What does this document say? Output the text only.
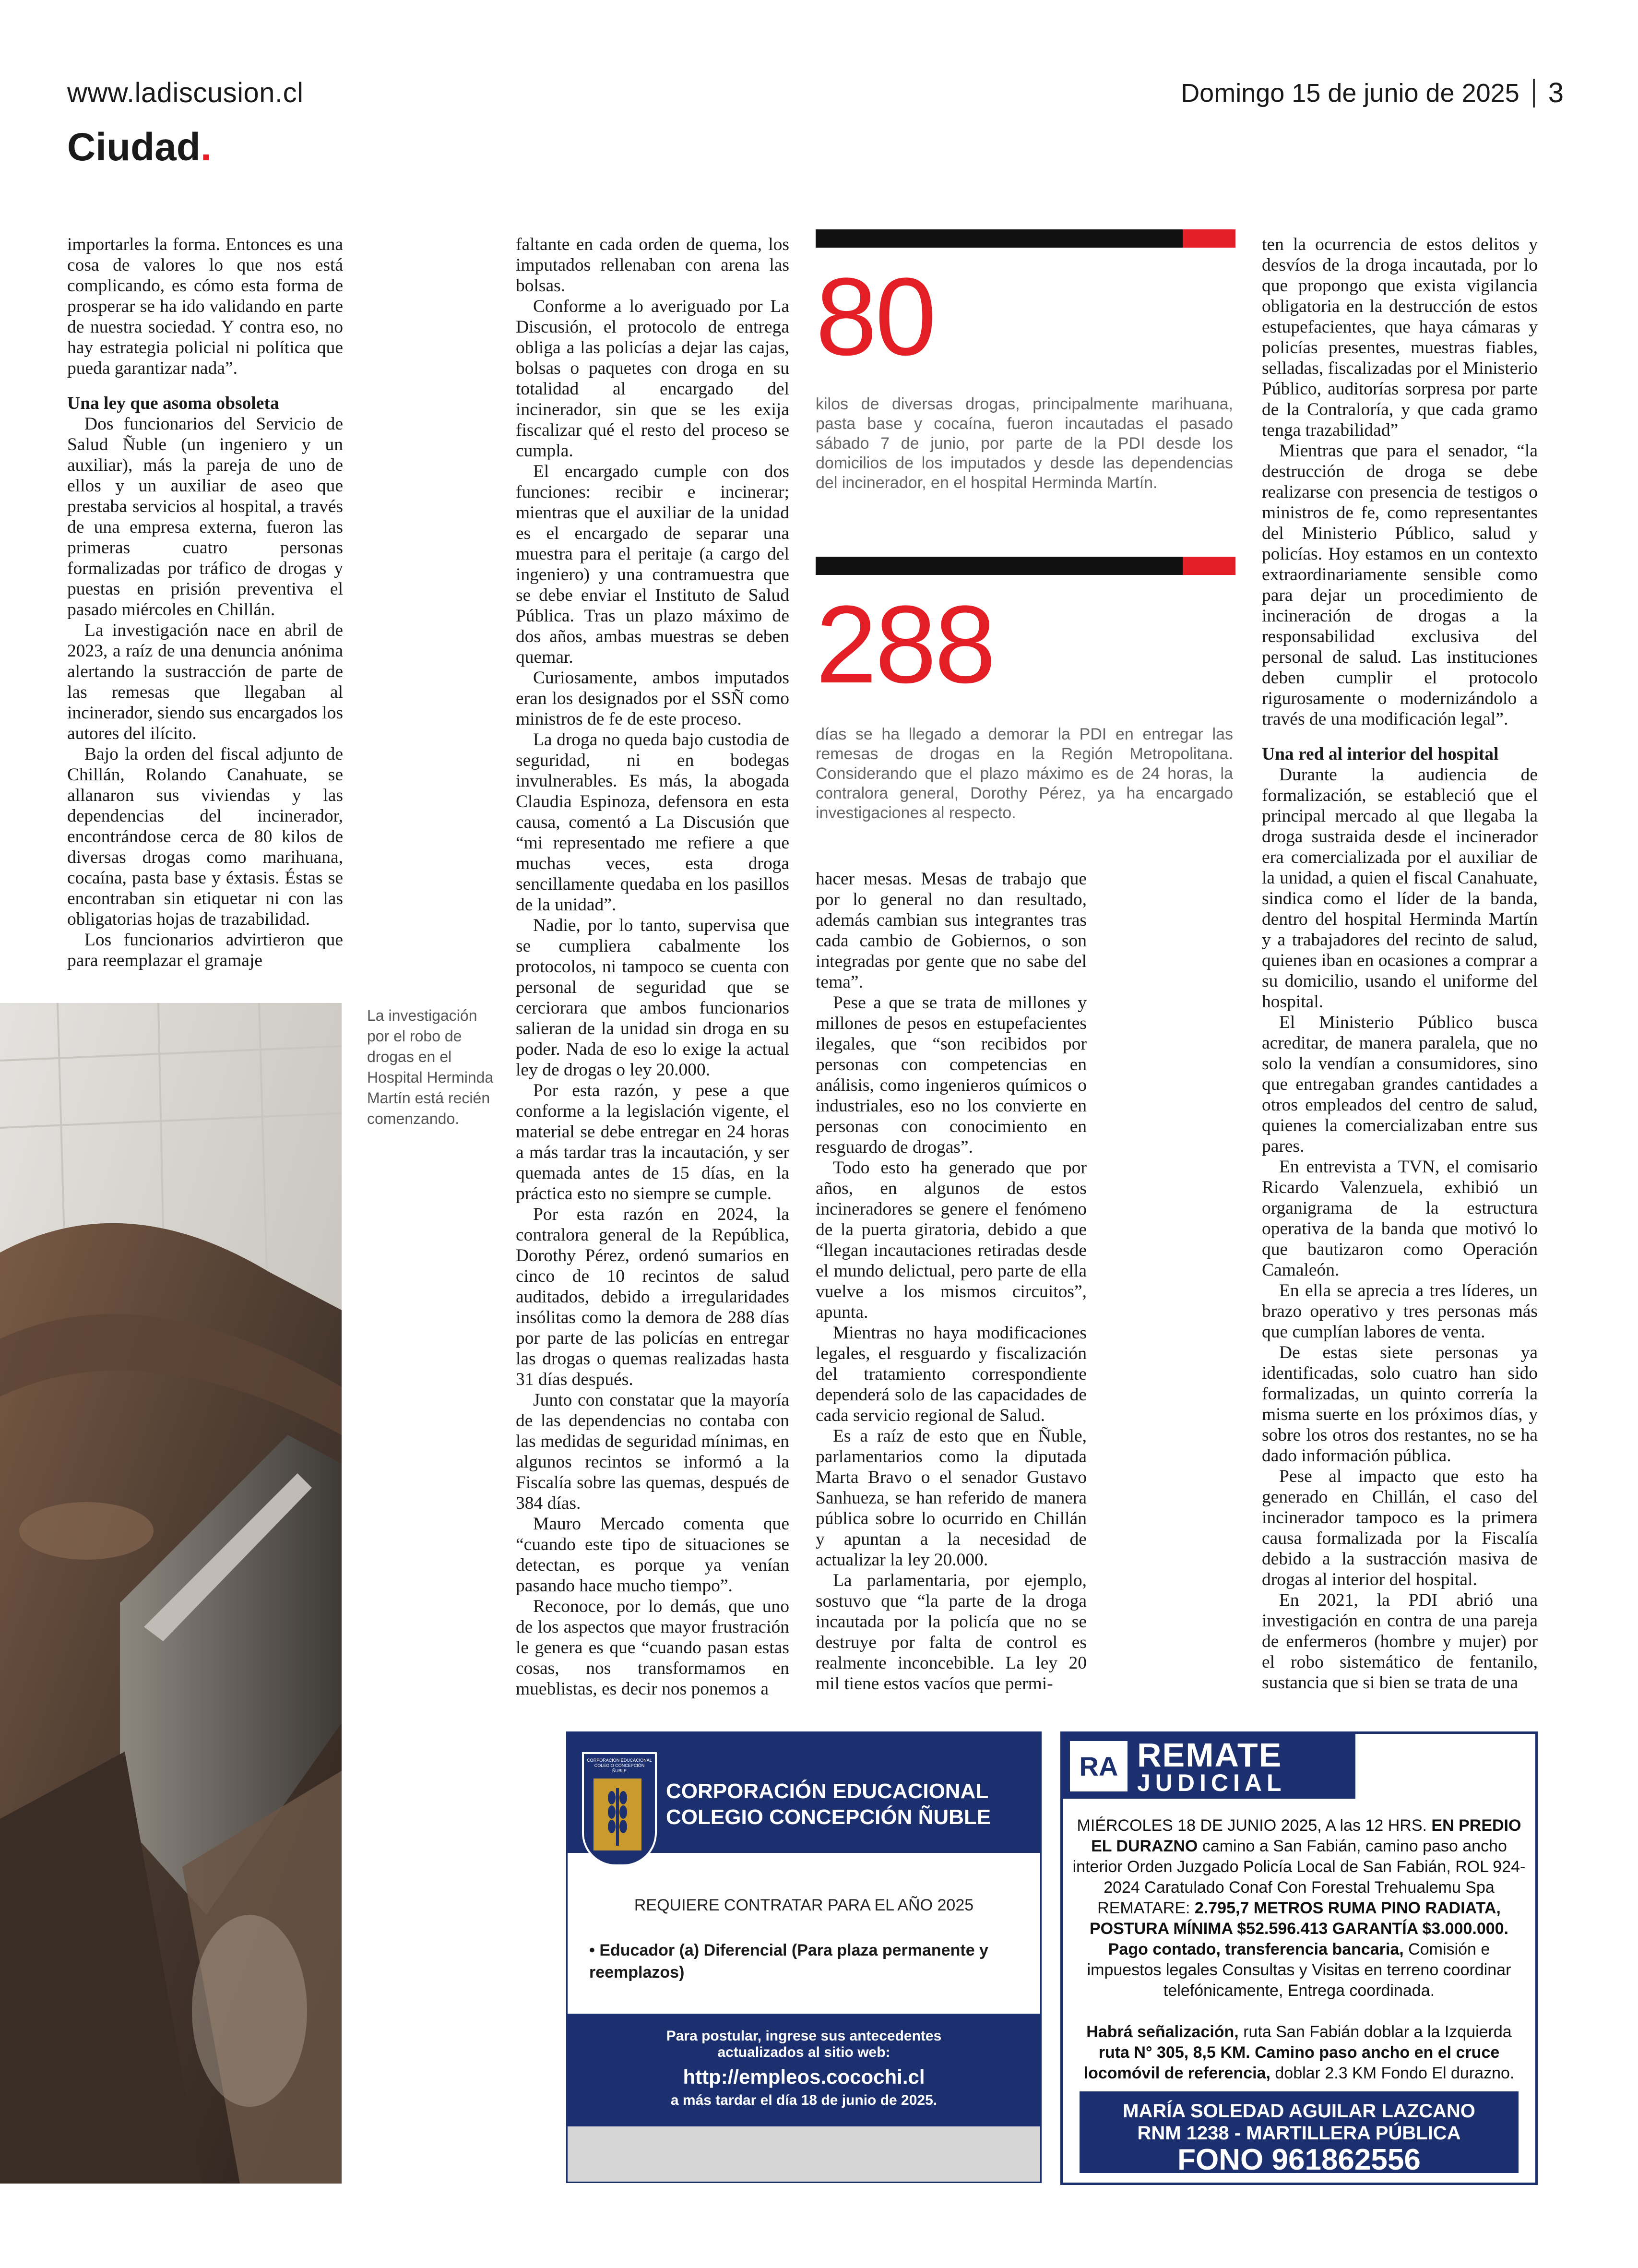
www.ladiscusion.cl	Domingo 15 de junio de 2025 3
Ciudad.

importarles la forma. Entonces es una cosa de valores lo que nos está complicando, es cómo esta forma de prosperar se ha ido validando en parte de nuestra sociedad. Y contra eso, no hay estrategia policial ni política que pueda garantizar nada”.

Una ley que asoma obsoleta

Dos funcionarios del Servicio de Salud Ñuble (un ingeniero y un auxiliar), más la pareja de uno de ellos y un auxiliar de aseo que prestaba servicios al hospital, a través de una empresa externa, fueron las primeras cuatro personas formalizadas por tráfico de drogas y puestas en prisión preventiva el pasado miércoles en Chillán.

La investigación nace en abril de 2023, a raíz de una denuncia anónima alertando la sustracción de parte de las remesas que llegaban al incinerador, siendo sus encargados los autores del ilícito.

Bajo la orden del fiscal adjunto de Chillán, Rolando Canahuate, se allanaron sus viviendas y las dependencias del incinerador, encontrándose cerca de 80 kilos de diversas drogas como marihuana, cocaína, pasta base y éxtasis. Éstas se encontraban sin etiquetar ni con las obligatorias hojas de trazabilidad.

Los funcionarios advirtieron que para reemplazar el gramaje

La investigación por el robo de drogas en el Hospital Herminda Martín está recién comenzando.

faltante en cada orden de quema, los imputados rellenaban con arena las bolsas.

Conforme a lo averiguado por La Discusión, el protocolo de entrega obliga a las policías a dejar las cajas, bolsas o paquetes con droga en su totalidad al encargado del incinerador, sin que se les exija fiscalizar qué el resto del proceso se cumpla.

El encargado cumple con dos funciones: recibir e incinerar; mientras que el auxiliar de la unidad es el encargado de separar una muestra para el peritaje (a cargo del ingeniero) y una contramuestra que se debe enviar el Instituto de Salud Pública. Tras un plazo máximo de dos años, ambas muestras se deben quemar.

Curiosamente, ambos imputados eran los designados por el SSÑ como ministros de fe de este proceso.

La droga no queda bajo custodia de seguridad, ni en bodegas invulnerables. Es más, la abogada Claudia Espinoza, defensora en esta causa, comentó a La Discusión que “mi representado me refiere a que muchas veces, esta droga sencillamente quedaba en los pasillos de la unidad”.

Nadie, por lo tanto, supervisa que se cumpliera cabalmente los protocolos, ni tampoco se cuenta con personal de seguridad que se cerciorara que ambos funcionarios salieran de la unidad sin droga en su poder. Nada de eso lo exige la actual ley de drogas o ley 20.000.

Por esta razón, y pese a que conforme a la legislación vigente, el material se debe entregar en 24 horas a más tardar tras la incautación, y ser quemada antes de 15 días, en la práctica esto no siempre se cumple.

Por esta razón en 2024, la contralora general de la República, Dorothy Pérez, ordenó sumarios en cinco de 10 recintos de salud auditados, debido a irregularidades insólitas como la demora de 288 días por parte de las policías en entregar las drogas o quemas realizadas hasta 31 días después.

Junto con constatar que la mayoría de las dependencias no contaba con las medidas de seguridad mínimas, en algunos recintos se informó a la Fiscalía sobre las quemas, después de 384 días.

Mauro Mercado comenta que “cuando este tipo de situaciones se detectan, es porque ya venían pasando hace mucho tiempo”.

Reconoce, por lo demás, que uno de los aspectos que mayor frustración le genera es que “cuando pasan estas cosas, nos transformamos en mueblistas, es decir nos ponemos a

80
kilos de diversas drogas, principalmente marihuana, pasta base y cocaína, fueron incautadas el pasado sábado 7 de junio, por parte de la PDI desde los domicilios de los imputados y desde las dependencias del incinerador, en el hospital Herminda Martín.
288
días se ha llegado a demorar la PDI en entregar las remesas de drogas en la Región Metropolitana. Considerando que el plazo máximo es de 24 horas, la contralora general, Dorothy Pérez, ya ha encargado investigaciones al respecto.

hacer mesas. Mesas de trabajo que por lo general no dan resultado, además cambian sus integrantes tras cada cambio de Gobiernos, o son integradas por gente que no sabe del tema”.

Pese a que se trata de millones y millones de pesos en estupefacientes ilegales, que “son recibidos por personas con competencias en análisis, como ingenieros químicos o industriales, eso no los convierte en personas con conocimiento en resguardo de drogas”.

Todo esto ha generado que por años, en algunos de estos incineradores se genere el fenómeno de la puerta giratoria, debido a que “llegan incautaciones retiradas desde el mundo delictual, pero parte de ella vuelve a los mismos circuitos”, apunta.

Mientras no haya modificaciones legales, el resguardo y fiscalización del tratamiento correspondiente dependerá solo de las capacidades de cada servicio regional de Salud.

Es a raíz de esto que en Ñuble, parlamentarios como la diputada Marta Bravo o el senador Gustavo Sanhueza, se han referido de manera pública sobre lo ocurrido en Chillán y apuntan a la necesidad de actualizar la ley 20.000.

La parlamentaria, por ejemplo, sostuvo que “la parte de la droga incautada por la policía que no se destruye por falta de control es realmente inconcebible. La ley 20 mil tiene estos vacíos que permi-

ten la ocurrencia de estos delitos y desvíos de la droga incautada, por lo que propongo que exista vigilancia obligatoria en la destrucción de estos estupefacientes, que haya cámaras y policías presentes, muestras fiables, selladas, fiscalizadas por el Ministerio Público, auditorías sorpresa por parte de la Contraloría, y que cada gramo tenga trazabilidad”

Mientras que para el senador, “la destrucción de droga se debe realizarse con presencia de testigos o ministros de fe, como representantes del Ministerio Público, salud y policías. Hoy estamos en un contexto extraordinariamente sensible como para dejar un procedimiento de incineración de drogas a la responsabilidad exclusiva del personal de salud. Las instituciones deben cumplir el protocolo rigurosamente o modernizándolo a través de una modificación legal”.

Una red al interior del hospital

Durante la audiencia de formalización, se estableció que el principal mercado al que llegaba la droga sustraida desde el incinerador era comercializada por el auxiliar de la unidad, a quien el fiscal Canahuate, sindica como el líder de la banda, dentro del hospital Herminda Martín y a trabajadores del recinto de salud, quienes iban en ocasiones a comprar a su domicilio, usando el uniforme del hospital.

El Ministerio Público busca acreditar, de manera paralela, que no solo la vendían a consumidores, sino que entregaban grandes cantidades a otros empleados del centro de salud, quienes la comercializaban entre sus pares.

En entrevista a TVN, el comisario Ricardo Valenzuela, exhibió un organigrama de la estructura operativa de la banda que motivó lo que bautizaron como Operación Camaleón.

En ella se aprecia a tres líderes, un brazo operativo y tres personas más que cumplían labores de venta.

De estas siete personas ya identificadas, solo cuatro han sido formalizadas, un quinto correría la misma suerte en los próximos días, y sobre los otros dos restantes, no se ha dado información pública.

Pese al impacto que esto ha generado en Chillán, el caso del incinerador tampoco es la primera causa formalizada por la Fiscalía debido a la sustracción masiva de drogas al interior del hospital.

En 2021, la PDI abrió una investigación en contra de una pareja de enfermeros (hombre y mujer) por el robo sistemático de fentanilo, sustancia que si bien se trata de una

CORPORACIÓN EDUCACIONAL COLEGIO CONCEPCIÓN ÑUBLE
CORPORACIÓN EDUCACIONAL
COLEGIO CONCEPCIÓN ÑUBLE
REQUIERE CONTRATAR PARA EL AÑO 2025
• Educador (a) Diferencial (Para plaza permanente y reemplazos)
Para postular, ingrese sus antecedentes
actualizados al sitio web:
http://empleos.cocochi.cl
a más tardar el día 18 de junio de 2025.
RA REMATE
JUDICIAL
MIÉRCOLES 18 DE JUNIO 2025, A las 12 HRS. EN PREDIO EL DURAZNO camino a San Fabián, camino paso ancho interior Orden Juzgado Policía Local de San Fabián, ROL 924-2024 Caratulado Conaf Con Forestal Trehualemu Spa REMATARE: 2.795,7 METROS RUMA PINO RADIATA, POSTURA MÍNIMA $52.596.413 GARANTÍA $3.000.000.
Pago contado, transferencia bancaria, Comisión e impuestos legales Consultas y Visitas en terreno coordinar telefónicamente, Entrega coordinada.

Habrá señalización, ruta San Fabián doblar a la Izquierda ruta N° 305, 8,5 KM. Camino paso ancho en el cruce locomóvil de referencia, doblar 2.3 KM Fondo El durazno.
MARÍA SOLEDAD AGUILAR LAZCANO
RNM 1238 - MARTILLERA PÚBLICA
FONO 961862556
